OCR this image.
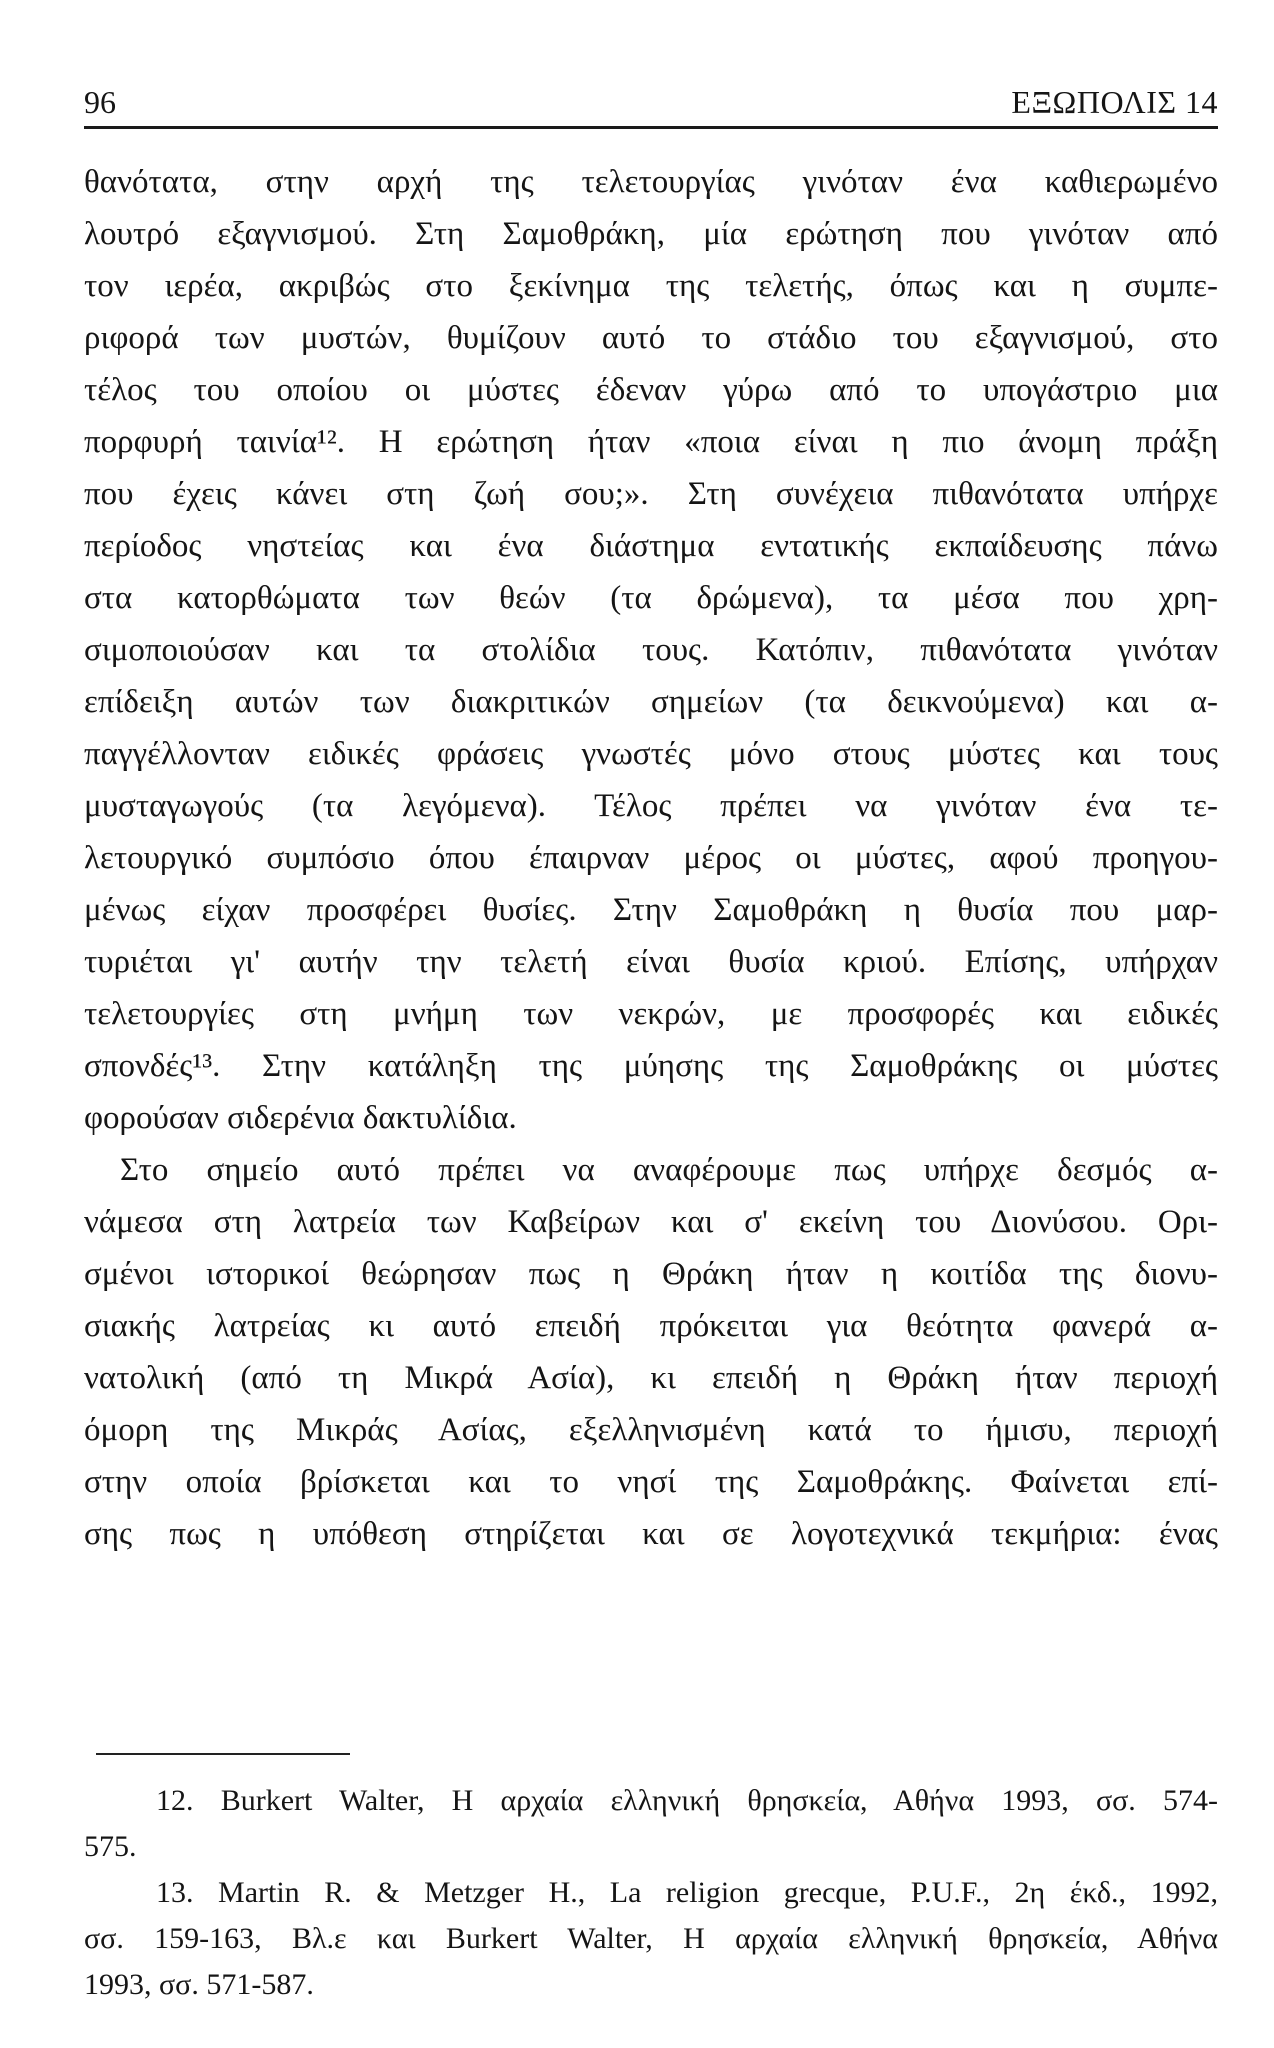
96	ΕΞΩΠΟΛΙΣ 14
θανότατα, στην αρχή της τελετουργίας γινόταν ένα καθιερωμένο
λουτρό εξαγνισμού. Στη Σαμοθράκη, μία ερώτηση που γινόταν από
τον ιερέα, ακριβώς στο ξεκίνημα της τελετής, όπως και η συμπε-
ριφορά των μυστών, θυμίζουν αυτό το στάδιο του εξαγνισμού, στο
τέλος του οποίου οι μύστες έδεναν γύρω από το υπογάστριο μια
πορφυρή ταινία¹². Η ερώτηση ήταν «ποια είναι η πιο άνομη πράξη
που έχεις κάνει στη ζωή σου;». Στη συνέχεια πιθανότατα υπήρχε
περίοδος νηστείας και ένα διάστημα εντατικής εκπαίδευσης πάνω
στα κατορθώματα των θεών (τα δρώμενα), τα μέσα που χρη-
σιμοποιούσαν και τα στολίδια τους. Κατόπιν, πιθανότατα γινόταν
επίδειξη αυτών των διακριτικών σημείων (τα δεικνούμενα) και α-
παγγέλλονταν ειδικές φράσεις γνωστές μόνο στους μύστες και τους
μυσταγωγούς (τα λεγόμενα). Τέλος πρέπει να γινόταν ένα τε-
λετουργικό συμπόσιο όπου έπαιρναν μέρος οι μύστες, αφού προηγου-
μένως είχαν προσφέρει θυσίες. Στην Σαμοθράκη η θυσία που μαρ-
τυριέται γι' αυτήν την τελετή είναι θυσία κριού. Επίσης, υπήρχαν
τελετουργίες στη μνήμη των νεκρών, με προσφορές και ειδικές
σπονδές¹³. Στην κατάληξη της μύησης της Σαμοθράκης οι μύστες
φορούσαν σιδερένια δακτυλίδια.
Στο σημείο αυτό πρέπει να αναφέρουμε πως υπήρχε δεσμός α-
νάμεσα στη λατρεία των Καβείρων και σ' εκείνη του Διονύσου. Ορι-
σμένοι ιστορικοί θεώρησαν πως η Θράκη ήταν η κοιτίδα της διονυ-
σιακής λατρείας κι αυτό επειδή πρόκειται για θεότητα φανερά α-
νατολική (από τη Μικρά Ασία), κι επειδή η Θράκη ήταν περιοχή
όμορη της Μικράς Ασίας, εξελληνισμένη κατά το ήμισυ, περιοχή
στην οποία βρίσκεται και το νησί της Σαμοθράκης. Φαίνεται επί-
σης πως η υπόθεση στηρίζεται και σε λογοτεχνικά τεκμήρια: ένας
12. Burkert Walter, Η αρχαία ελληνική θρησκεία, Αθήνα 1993, σσ. 574-
575.
13. Martin R. & Metzger H., La religion grecque, P.U.F., 2η έκδ., 1992,
σσ. 159-163, Βλ.ε και Burkert Walter, Η αρχαία ελληνική θρησκεία, Αθήνα
1993, σσ. 571-587.
